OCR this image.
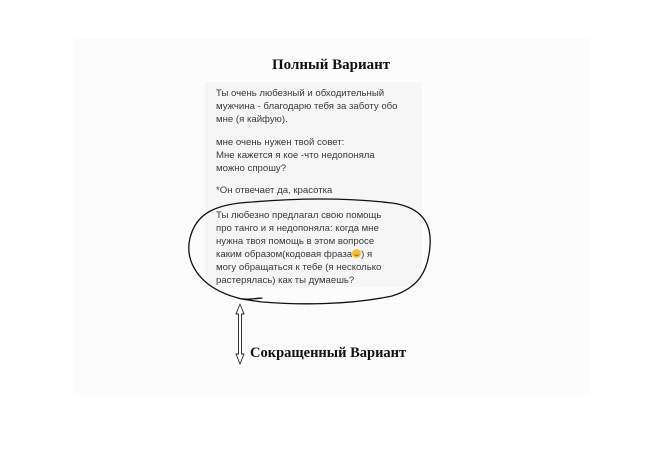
Полный Вариант
Ты очень любезный и обходительный
мужчина - благодарю тебя за заботу обо
мне (я кайфую).
мне очень нужен твой совет:
Мне кажется я кое -что недопоняла
можно спрошу?
*Он отвечает да, красотка
Ты любезно предлагал свою помощь
про танго и я недопоняла: когда мне
нужна твоя помощь в этом вопросе
каким образом(кодовая фраза ) я
могу обращаться к тебе (я несколько
растерялась) как ты думаешь?
Сокращенный Вариант
